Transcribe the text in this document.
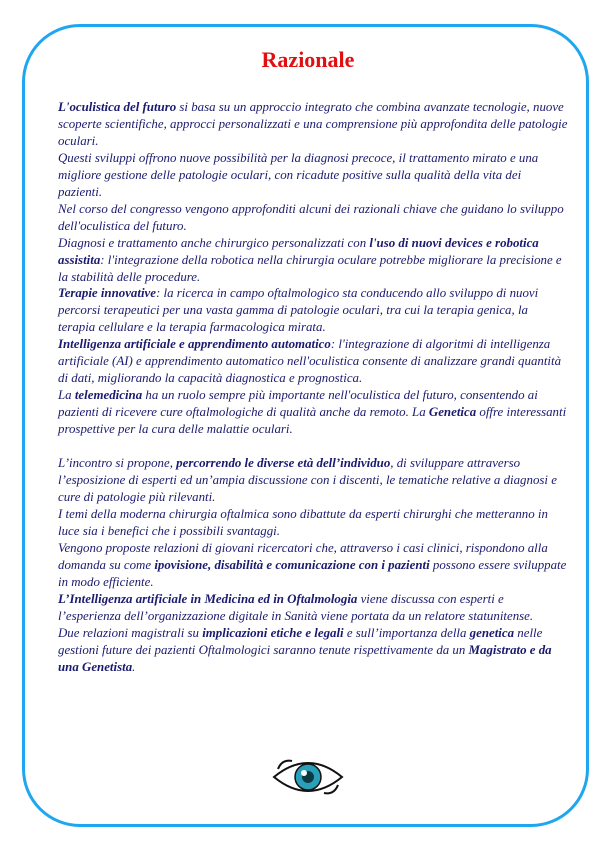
Razionale

L'oculistica del futuro si basa su un approccio integrato che combina avanzate tecnologie, nuove scoperte scientifiche, approcci personalizzati e una comprensione più approfondita delle patologie oculari.

Questi sviluppi offrono nuove possibilità per la diagnosi precoce, il trattamento mirato e una migliore gestione delle patologie oculari, con ricadute positive sulla qualità della vita dei pazienti.

Nel corso del congresso vengono approfonditi alcuni dei razionali chiave che guidano lo sviluppo dell'oculistica del futuro.

Diagnosi e trattamento anche chirurgico personalizzati con l'uso di nuovi devices e robotica assistita: l'integrazione della robotica nella chirurgia oculare potrebbe migliorare la precisione e la stabilità delle procedure.

Terapie innovative: la ricerca in campo oftalmologico sta conducendo allo sviluppo di nuovi percorsi terapeutici per una vasta gamma di patologie oculari, tra cui la terapia genica, la terapia cellulare e la terapia farmacologica mirata.

Intelligenza artificiale e apprendimento automatico: l'integrazione di algoritmi di intelligenza artificiale (AI) e apprendimento automatico nell'oculistica consente di analizzare grandi quantità di dati, migliorando la capacità diagnostica e prognostica.

La telemedicina ha un ruolo sempre più importante nell'oculistica del futuro, consentendo ai pazienti di ricevere cure oftalmologiche di qualità anche da remoto. La Genetica offre interessanti prospettive per la cura delle malattie oculari.

L’incontro si propone, percorrendo le diverse età dell’individuo, di sviluppare attraverso l’esposizione di esperti ed un’ampia discussione con i discenti, le tematiche relative a diagnosi e cure di patologie più rilevanti.

I temi della moderna chirurgia oftalmica sono dibattute da esperti chirurghi che metteranno in luce sia i benefici che i possibili svantaggi.

Vengono proposte relazioni di giovani ricercatori che, attraverso i casi clinici, rispondono alla domanda su come ipovisione, disabilità e comunicazione con i pazienti possono essere sviluppate in modo efficiente.

L’Intelligenza artificiale in Medicina ed in Oftalmologia viene discussa con esperti e l’esperienza dell’organizzazione digitale in Sanità viene portata da un relatore statunitense.

Due relazioni magistrali su implicazioni etiche e legali e sull’importanza della genetica nelle gestioni future dei pazienti Oftalmologici saranno tenute rispettivamente da un Magistrato e da una Genetista.
